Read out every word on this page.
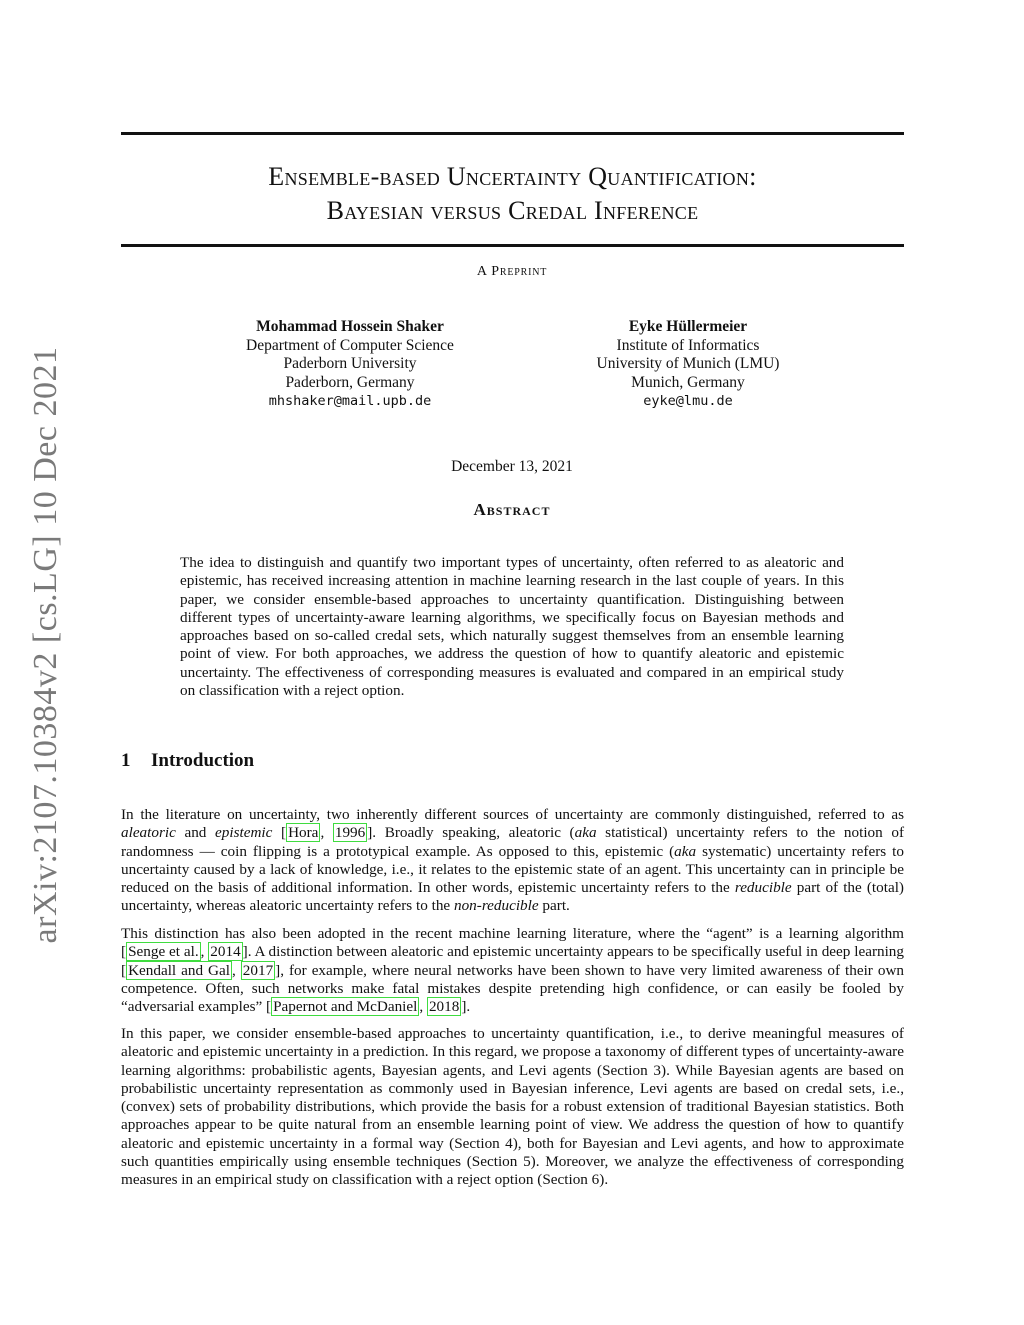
arXiv:2107.10384v2 [cs.LG] 10 Dec 2021
Ensemble-based Uncertainty Quantification:
Bayesian versus Credal Inference
A Preprint
Mohammad Hossein Shaker
Department of Computer Science
Paderborn University
Paderborn, Germany
mhshaker@mail.upb.de
Eyke Hüllermeier
Institute of Informatics
University of Munich (LMU)
Munich, Germany
eyke@lmu.de
December 13, 2021
Abstract
The idea to distinguish and quantify two important types of uncertainty, often referred to as aleatoric and epistemic, has received increasing attention in machine learning research in the last couple of years. In this paper, we consider ensemble-based approaches to uncertainty quantification. Distinguishing between different types of uncertainty-aware learning algorithms, we specifically focus on Bayesian methods and approaches based on so-called credal sets, which naturally suggest themselves from an ensemble learning point of view. For both approaches, we address the question of how to quantify aleatoric and epistemic uncertainty. The effectiveness of corresponding measures is evaluated and compared in an empirical study on classification with a reject option.
1 Introduction

In the literature on uncertainty, two inherently different sources of uncertainty are commonly distinguished, referred to as aleatoric and epistemic [ Hora , 1996 ]. Broadly speaking, aleatoric (aka statistical) uncertainty refers to the notion of randomness — coin flipping is a prototypical example. As opposed to this, epistemic (aka systematic) uncertainty refers to uncertainty caused by a lack of knowledge, i.e., it relates to the epistemic state of an agent. This uncertainty can in principle be reduced on the basis of additional information. In other words, epistemic uncertainty refers to the reducible part of the (total) uncertainty, whereas aleatoric uncertainty refers to the non-reducible part.

This distinction has also been adopted in the recent machine learning literature, where the “agent” is a learning algorithm [ Senge et al. , 2014 ]. A distinction between aleatoric and epistemic uncertainty appears to be specifically useful in deep learning [ Kendall and Gal , 2017 ], for example, where neural networks have been shown to have very limited awareness of their own competence. Often, such networks make fatal mistakes despite pretending high confidence, or can easily be fooled by “adversarial examples” [ Papernot and McDaniel , 2018 ].

In this paper, we consider ensemble-based approaches to uncertainty quantification, i.e., to derive meaningful measures of aleatoric and epistemic uncertainty in a prediction. In this regard, we propose a taxonomy of different types of uncertainty-aware learning algorithms: probabilistic agents, Bayesian agents, and Levi agents (Section 3). While Bayesian agents are based on probabilistic uncertainty representation as commonly used in Bayesian inference, Levi agents are based on credal sets, i.e., (convex) sets of probability distributions, which provide the basis for a robust extension of traditional Bayesian statistics. Both approaches appear to be quite natural from an ensemble learning point of view. We address the question of how to quantify aleatoric and epistemic uncertainty in a formal way (Section 4), both for Bayesian and Levi agents, and how to approximate such quantities empirically using ensemble techniques (Section 5). Moreover, we analyze the effectiveness of corresponding measures in an empirical study on classification with a reject option (Section 6).
